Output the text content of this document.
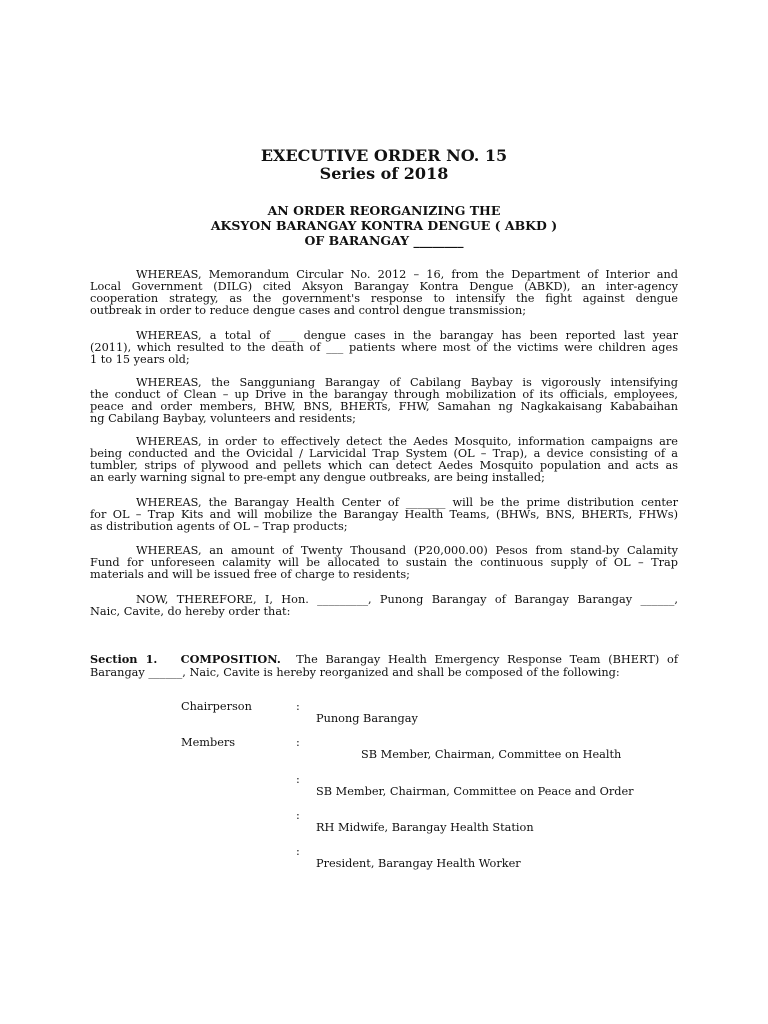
EXECUTIVE ORDER NO. 15
Series of 2018
AN ORDER REORGANIZING THE
AKSYON BARANGAY KONTRA DENGUE ( ABKD )
OF BARANGAY ________
WHEREAS, Memorandum Circular No. 2012 – 16, from the Department of Interior and
Local Government (DILG) cited Aksyon Barangay Kontra Dengue (ABKD), an inter-agency
cooperation strategy, as the government's response to intensify the fight against dengue
outbreak in order to reduce dengue cases and control dengue transmission;
WHEREAS, a total of ___ dengue cases in the barangay has been reported last year
(2011), which resulted to the death of ___ patients where most of the victims were children ages
1 to 15 years old;
WHEREAS, the Sangguniang Barangay of Cabilang Baybay is vigorously intensifying
the conduct of Clean – up Drive in the barangay through mobilization of its officials, employees,
peace and order members, BHW, BNS, BHERTs, FHW, Samahan ng Nagkakaisang Kababaihan
ng Cabilang Baybay, volunteers and residents;
WHEREAS, in order to effectively detect the Aedes Mosquito, information campaigns are
being conducted and the Ovicidal / Larvicidal Trap System (OL – Trap), a device consisting of a
tumbler, strips of plywood and pellets which can detect Aedes Mosquito population and acts as
an early warning signal to pre-empt any dengue outbreaks, are being installed;
WHEREAS, the Barangay Health Center of _______ will be the prime distribution center
for OL – Trap Kits and will mobilize the Barangay Health Teams, (BHWs, BNS, BHERTs, FHWs)
as distribution agents of OL – Trap products;
WHEREAS, an amount of Twenty Thousand (P20,000.00) Pesos from stand-by Calamity
Fund for unforeseen calamity will be allocated to sustain the continuous supply of OL – Trap
materials and will be issued free of charge to residents;
NOW, THEREFORE, I, Hon. _________, Punong Barangay of Barangay Barangay ______,
Naic, Cavite, do hereby order that:
Section 1. COMPOSITION. The Barangay Health Emergency Response Team (BHERT) of
Barangay ______, Naic, Cavite is hereby reorganized and shall be composed of the following:
Chairperson	:
Punong Barangay
Members	:
SB Member, Chairman, Committee on Health
:
SB Member, Chairman, Committee on Peace and Order
:
RH Midwife, Barangay Health Station
:
President, Barangay Health Worker
